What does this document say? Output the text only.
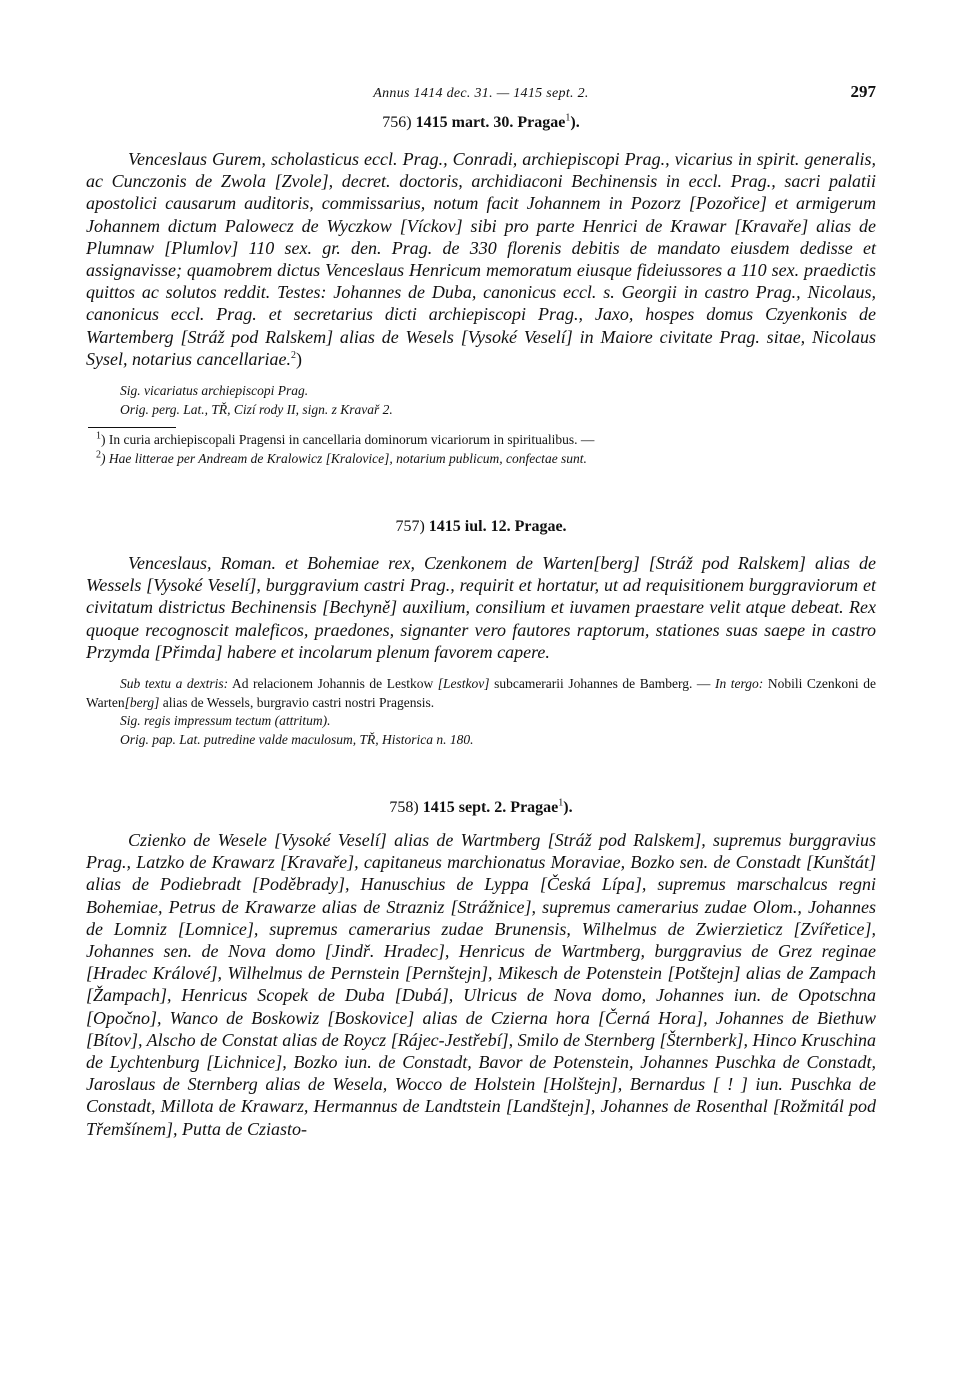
Annus 1414 dec. 31. — 1415 sept. 2.	297

756) 1415 mart. 30. Pragae$^1$).

Venceslaus Gurem, scholasticus eccl. Prag., Conradi, archiepiscopi Prag., vicarius in spirit. generalis, ac Cunczonis de Zwola [Zvole], decret. doctoris, archidiaconi Bechinensis in eccl. Prag., sacri palatii apostolici causarum auditoris, commissarius, notum facit Johannem in Pozorz [Pozořice] et armigerum Johannem dictum Palowecz de Wyczkow [Víckov] sibi pro parte Henrici de Krawar [Kravaře] alias de Plumnaw [Plumlov] 110 sex. gr. den. Prag. de 330 florenis debitis de mandato eiusdem dedisse et assignavisse; quamobrem dictus Venceslaus Henricum memoratum eiusque fideiussores a 110 sex. praedictis quittos ac solutos reddit. Testes: Johannes de Duba, canonicus eccl. s. Georgii in castro Prag., Nicolaus, canonicus eccl. Prag. et secretarius dicti archiepiscopi Prag., Jaxo, hospes domus Czyenkonis de Wartemberg [Stráž pod Ralskem] alias de Wesels [Vysoké Veselí] in Maiore civitate Prag. sitae, Nicolaus Sysel, notarius cancellariae.$^2$)

Sig. vicariatus archiepiscopi Prag.
Orig. perg. Lat., TŘ, Cizí rody II, sign. z Kravař 2.
$^1$) In curia archiepiscopali Pragensi in cancellaria dominorum vicariorum in spiritualibus. —
$^2$) Hae litterae per Andream de Kralowicz [Kralovice], notarium publicum, confectae sunt.

757) 1415 iul. 12. Pragae.

Venceslaus, Roman. et Bohemiae rex, Czenkonem de Warten[berg] [Stráž pod Ralskem] alias de Wessels [Vysoké Veselí], burggravium castri Prag., requirit et hortatur, ut ad requisitionem burggraviorum et civitatum districtus Bechinensis [Bechyně] auxilium, consilium et iuvamen praestare velit atque debeat. Rex quoque recognoscit maleficos, praedones, signanter vero fautores raptorum, stationes suas saepe in castro Przymda [Přimda] habere et incolarum plenum favorem capere.

Sub textu a dextris: Ad relacionem Johannis de Lestkow [Lestkov] subcamerarii Johannes de Bamberg. — In tergo: Nobili Czenkoni de Warten[berg] alias de Wessels, burgravio castri nostri Pragensis.
Sig. regis impressum tectum (attritum).
Orig. pap. Lat. putredine valde maculosum, TŘ, Historica n. 180.

758) 1415 sept. 2. Pragae$^1$).

Czienko de Wesele [Vysoké Veselí] alias de Wartmberg [Stráž pod Ralskem], supremus burggravius Prag., Latzko de Krawarz [Kravaře], capitaneus marchionatus Moraviae, Bozko sen. de Constadt [Kunštát] alias de Podiebradt [Poděbrady], Hanuschius de Lyppa [Česká Lípa], supremus marschalcus regni Bohemiae, Petrus de Krawarze alias de Strazniz [Strážnice], supremus camerarius zudae Olom., Johannes de Lomniz [Lomnice], supremus camerarius zudae Brunensis, Wilhelmus de Zwierzieticz [Zvířetice], Johannes sen. de Nova domo [Jindř. Hradec], Henricus de Wartmberg, burggravius de Grez reginae [Hradec Králové], Wilhelmus de Pernstein [Pernštejn], Mikesch de Potenstein [Potštejn] alias de Zampach [Žampach], Henricus Scopek de Duba [Dubá], Ulricus de Nova domo, Johannes iun. de Opotschna [Opočno], Wanco de Boskowiz [Boskovice] alias de Czierna hora [Černá Hora], Johannes de Biethuw [Bítov], Alscho de Constat alias de Roycz [Rájec-Jestřebí], Smilo de Sternberg [Šternberk], Hinco Kruschina de Lychtenburg [Lichnice], Bozko iun. de Constadt, Bavor de Potenstein, Johannes Puschka de Constadt, Jaroslaus de Sternberg alias de Wesela, Wocco de Holstein [Holštejn], Bernardus [ ! ] iun. Puschka de Constadt, Millota de Krawarz, Hermannus de Landtstein [Landštejn], Johannes de Rosenthal [Rožmitál pod Třemšínem], Putta de Cziasto-
